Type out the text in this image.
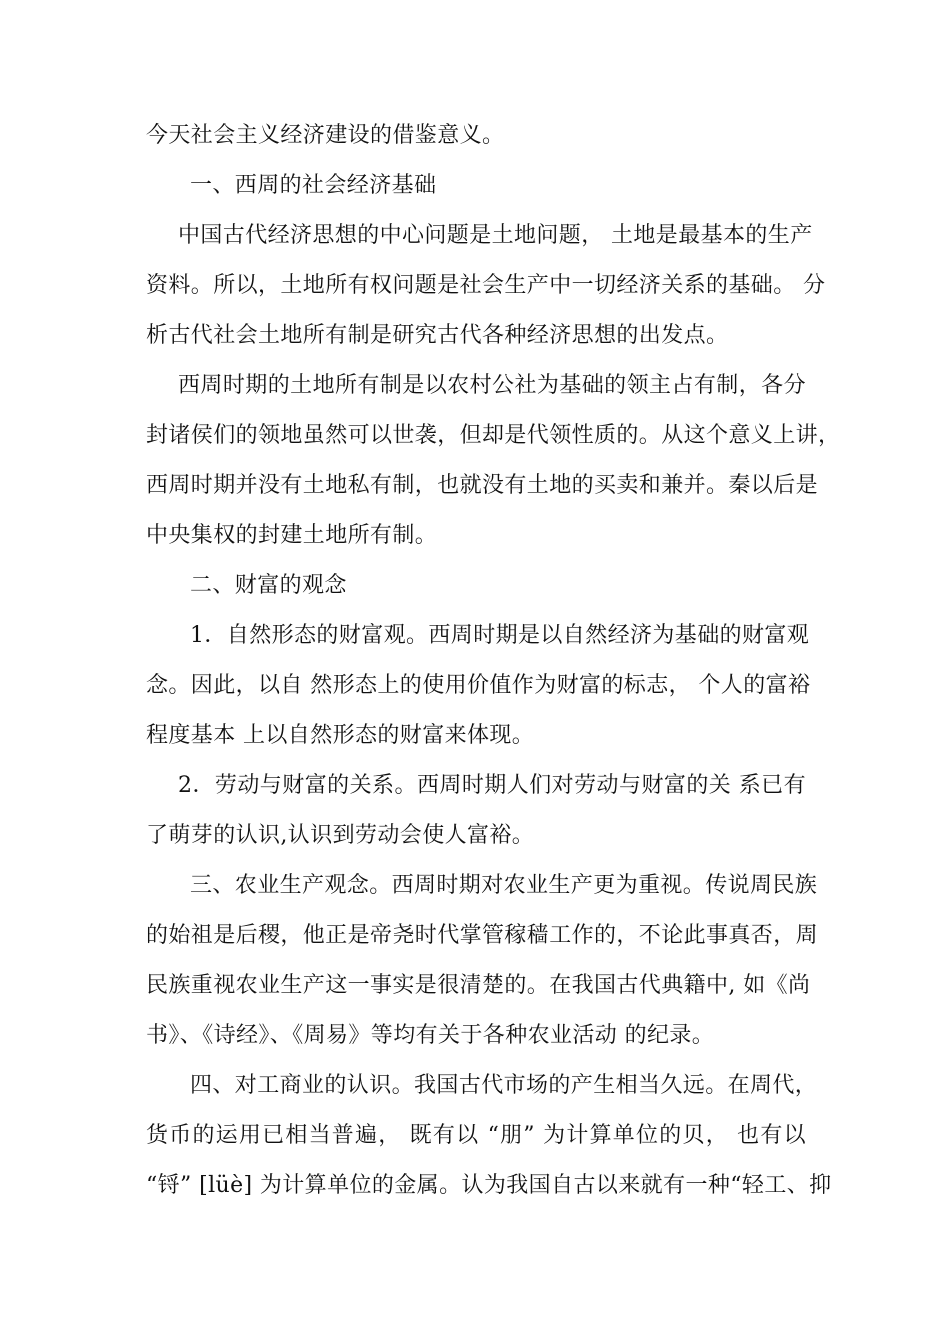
今天社会主义经济建设的借鉴意义。
一、西周的社会经济基础
中国古代经济思想的中心问题是土地问题， 土地是最基本的生产
资料。所以，土地所有权问题是社会生产中一切经济关系的基础。 分
析古代社会土地所有制是研究古代各种经济思想的出发点。
西周时期的土地所有制是以农村公社为基础的领主占有制，各分
封诸侯们的领地虽然可以世袭，但却是代领性质的。从这个意义上讲，
西周时期并没有土地私有制，也就没有土地的买卖和兼并。秦以后是
中央集权的封建土地所有制。
二、财富的观念
1．自然形态的财富观。西周时期是以自然经济为基础的财富观
念。因此，以自 然形态上的使用价值作为财富的标志， 个人的富裕
程度基本 上以自然形态的财富来体现。
2．劳动与财富的关系。西周时期人们对劳动与财富的关 系已有
了萌芽的认识,认识到劳动会使人富裕。
三、农业生产观念。西周时期对农业生产更为重视。传说周民族
的始祖是后稷，他正是帝尧时代掌管稼穑工作的，不论此事真否，周
民族重视农业生产这一事实是很清楚的。在我国古代典籍中, 如《尚
书》、《诗经》、《周易》等均有关于各种农业活动 的纪录。
四、对工商业的认识。我国古代市场的产生相当久远。在周代，
货币的运用已相当普遍， 既有以 “朋” 为计算单位的贝， 也有以
“锊” [lüè] 为计算单位的金属。认为我国自古以来就有一种“轻工、抑
